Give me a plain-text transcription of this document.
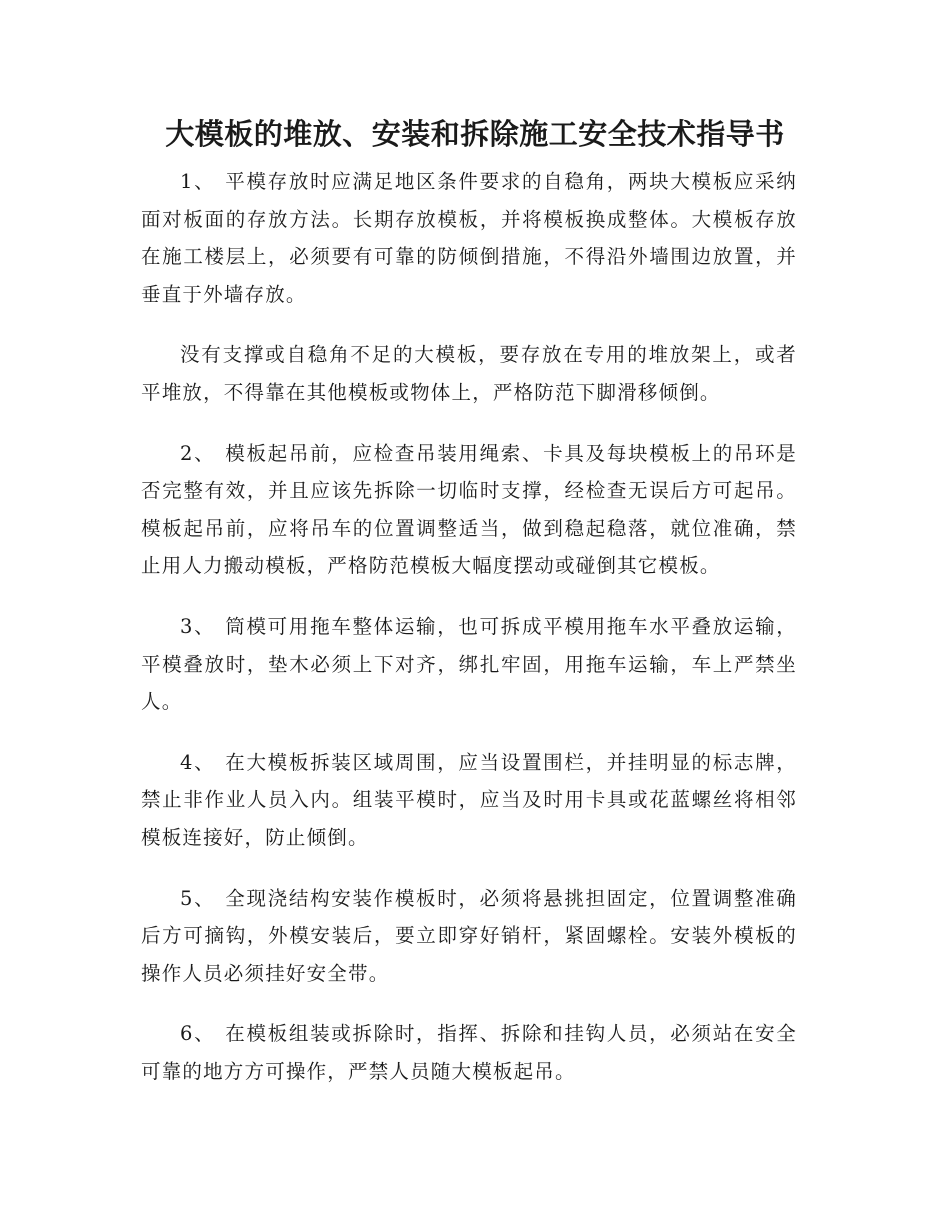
大模板的堆放、安装和拆除施工安全技术指导书

1、 平模存放时应满足地区条件要求的自稳角，两块大模板应采纳面对板面的存放方法。长期存放模板，并将模板换成整体。大模板存放在施工楼层上，必须要有可靠的防倾倒措施，不得沿外墙围边放置，并垂直于外墙存放。

没有支撑或自稳角不足的大模板，要存放在专用的堆放架上，或者平堆放，不得靠在其他模板或物体上，严格防范下脚滑移倾倒。

2、 模板起吊前，应检查吊装用绳索、卡具及每块模板上的吊环是否完整有效，并且应该先拆除一切临时支撑，经检查无误后方可起吊。模板起吊前，应将吊车的位置调整适当，做到稳起稳落，就位准确，禁止用人力搬动模板，严格防范模板大幅度摆动或碰倒其它模板。

3、 筒模可用拖车整体运输，也可拆成平模用拖车水平叠放运输，平模叠放时，垫木必须上下对齐，绑扎牢固，用拖车运输，车上严禁坐人。

4、 在大模板拆装区域周围，应当设置围栏，并挂明显的标志牌，禁止非作业人员入内。组装平模时，应当及时用卡具或花蓝螺丝将相邻模板连接好，防止倾倒。

5、 全现浇结构安装作模板时，必须将悬挑担固定，位置调整准确后方可摘钩，外模安装后，要立即穿好销杆，紧固螺栓。安装外模板的操作人员必须挂好安全带。

6、 在模板组装或拆除时，指挥、拆除和挂钩人员，必须站在安全可靠的地方方可操作，严禁人员随大模板起吊。
